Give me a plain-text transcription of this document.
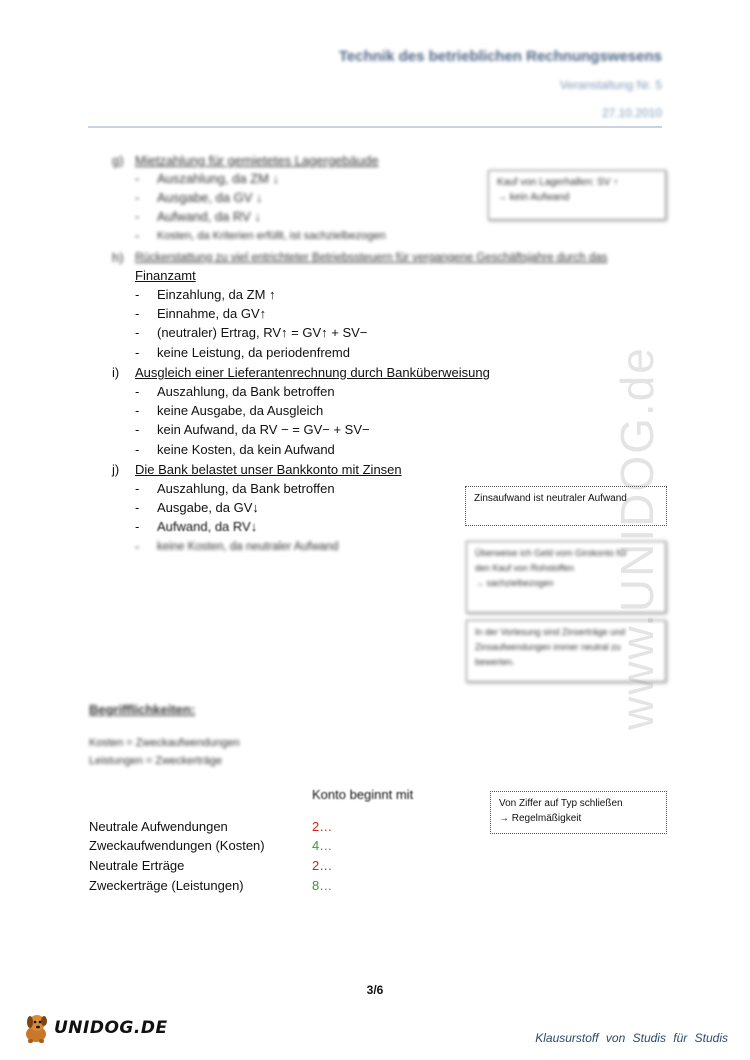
www.UNIDOG.de
Technik des betrieblichen Rechnungswesens
Veranstaltung Nr. 5
27.10.2010
g) Mietzahlung für gemietetes Lagergebäude
- Auszahlung, da ZM ↓
- Ausgabe, da GV ↓
- Aufwand, da RV ↓
- Kosten, da Kriterien erfüllt, ist sachzielbezogen
Kauf von Lagerhallen: SV ↑
→ kein Aufwand
h) Rückerstattung zu viel entrichteter Betriebssteuern für vergangene Geschäftsjahre durch das
Finanzamt
- Einzahlung, da ZM ↑
- Einnahme, da GV↑
- (neutraler) Ertrag, RV↑ = GV↑ + SV−
- keine Leistung, da periodenfremd
i) Ausgleich einer Lieferantenrechnung durch Banküberweisung
- Auszahlung, da Bank betroffen
- keine Ausgabe, da Ausgleich
- kein Aufwand, da RV − = GV− + SV−
- keine Kosten, da kein Aufwand
j) Die Bank belastet unser Bankkonto mit Zinsen
- Auszahlung, da Bank betroffen
- Ausgabe, da GV↓
- Aufwand, da RV↓
- keine Kosten, da neutraler Aufwand
Zinsaufwand ist neutraler Aufwand
Überweise ich Geld vom Girokonto für
den Kauf von Rohstoffen
→ sachzielbezogen
In der Vorlesung sind Zinserträge und
Zinsaufwendungen immer neutral zu
bewerten.
Begrifflichkeiten:
Kosten = Zweckaufwendungen
Leistungen = Zweckerträge
Konto beginnt mit
Von Ziffer auf Typ schließen
→ Regelmäßigkeit
Neutrale Aufwendungen	2…
Zweckaufwendungen (Kosten)	4…
Neutrale Erträge	2…
Zweckerträge (Leistungen)	8…
3/6
UNIDOG.DE	Klausurstoff von Studis für Studis
